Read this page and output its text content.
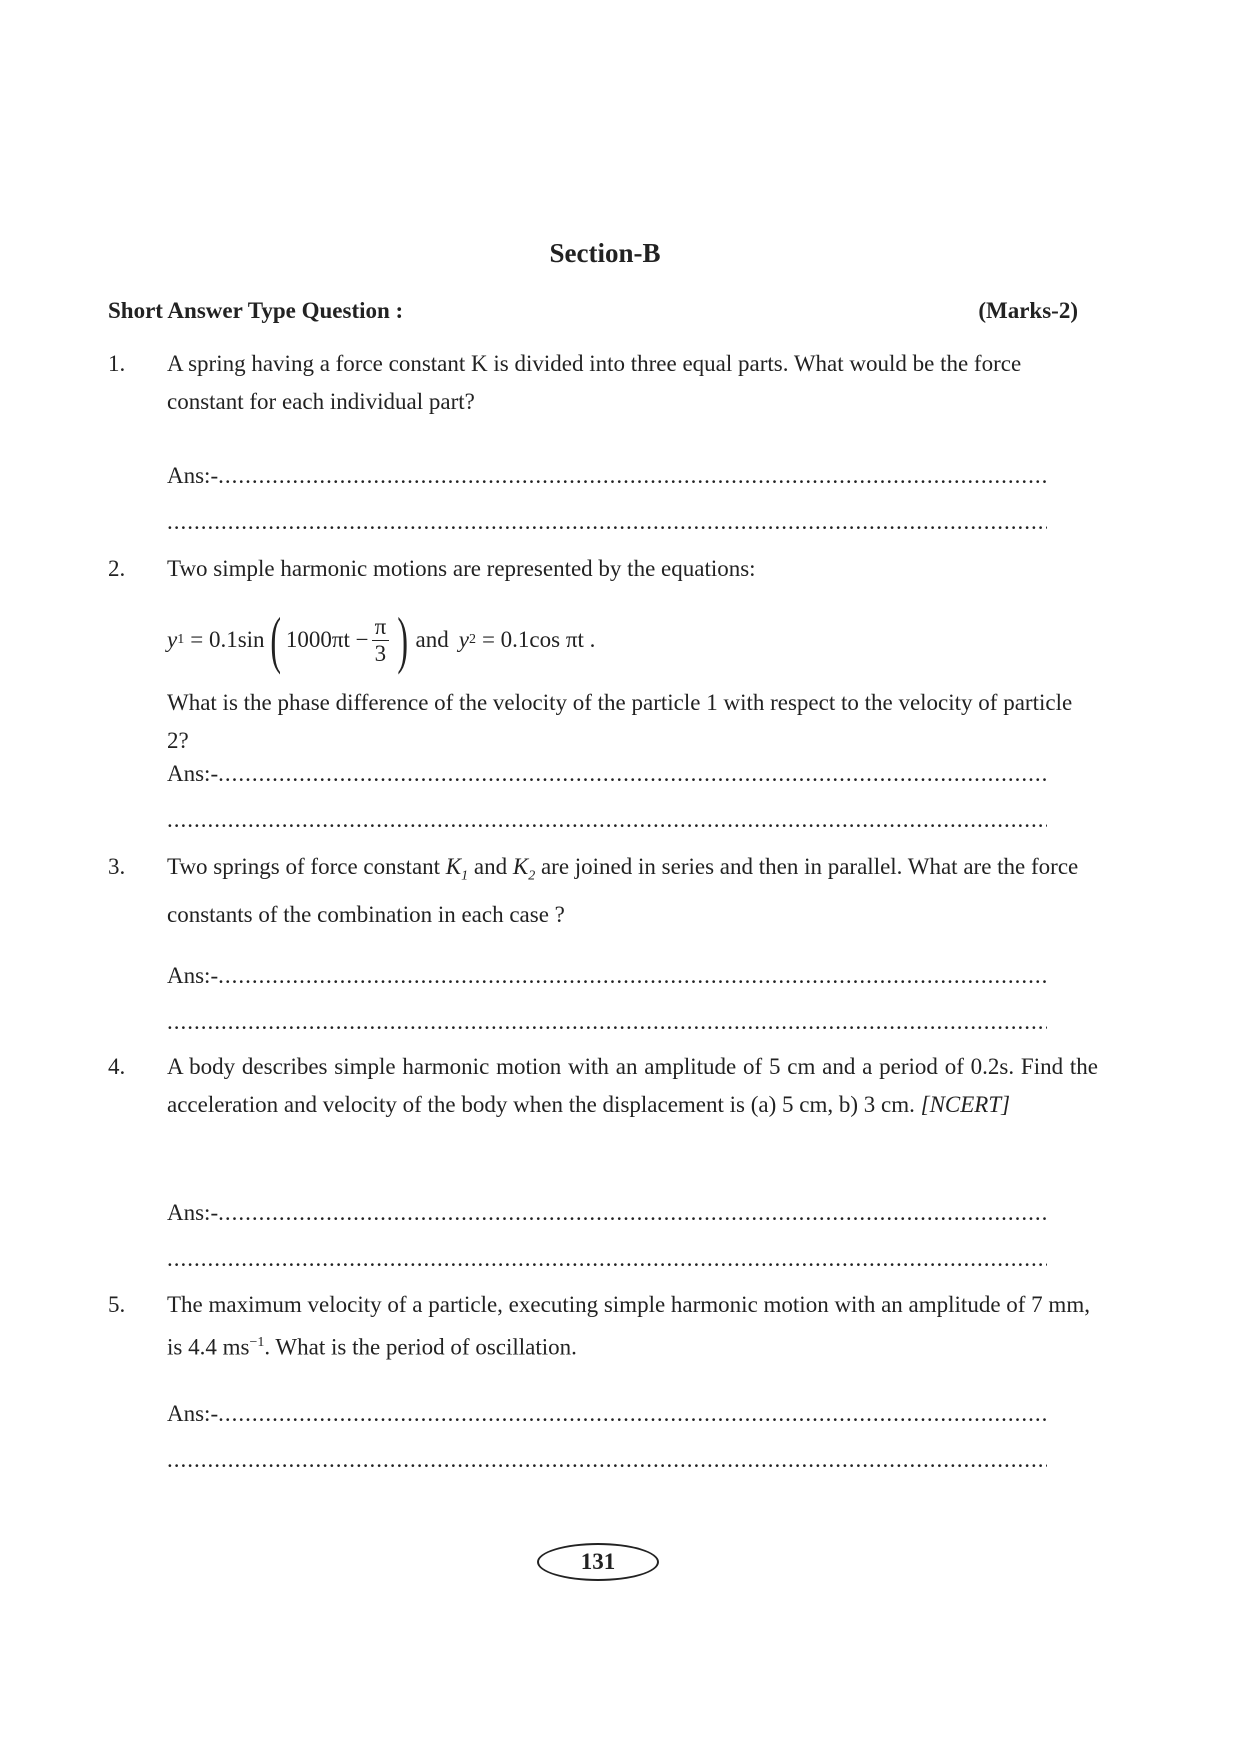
Section-B
Short Answer Type Question :	(Marks-2)
1.	A spring having a force constant K is divided into three equal parts. What would be the force constant for each individual part?
Ans:-
.....
.....
2.	Two simple harmonic motions are represented by the equations:
y 1 = 0.1sin ( $1000\pi t - \frac{\pi}{3}$ ) and y 2 = 0.1cos πt .
What is the phase difference of the velocity of the particle 1 with respect to the velocity of particle 2?
Ans:-
.....
.....
3.	Two springs of force constant $K_1$ and $K_2$ are joined in series and then in parallel. What are the force constants of the combination in each case ?
Ans:-
.....
.....
4.	A body describes simple harmonic motion with an amplitude of 5 cm and a period of 0.2s. Find the acceleration and velocity of the body when the displacement is (a) 5 cm, b) 3 cm. [NCERT]
Ans:-
.....
.....
5.	The maximum velocity of a particle, executing simple harmonic motion with an amplitude of 7 mm, is 4.4 $ms^{-1}$. What is the period of oscillation.
Ans:-
.....
.....
131
